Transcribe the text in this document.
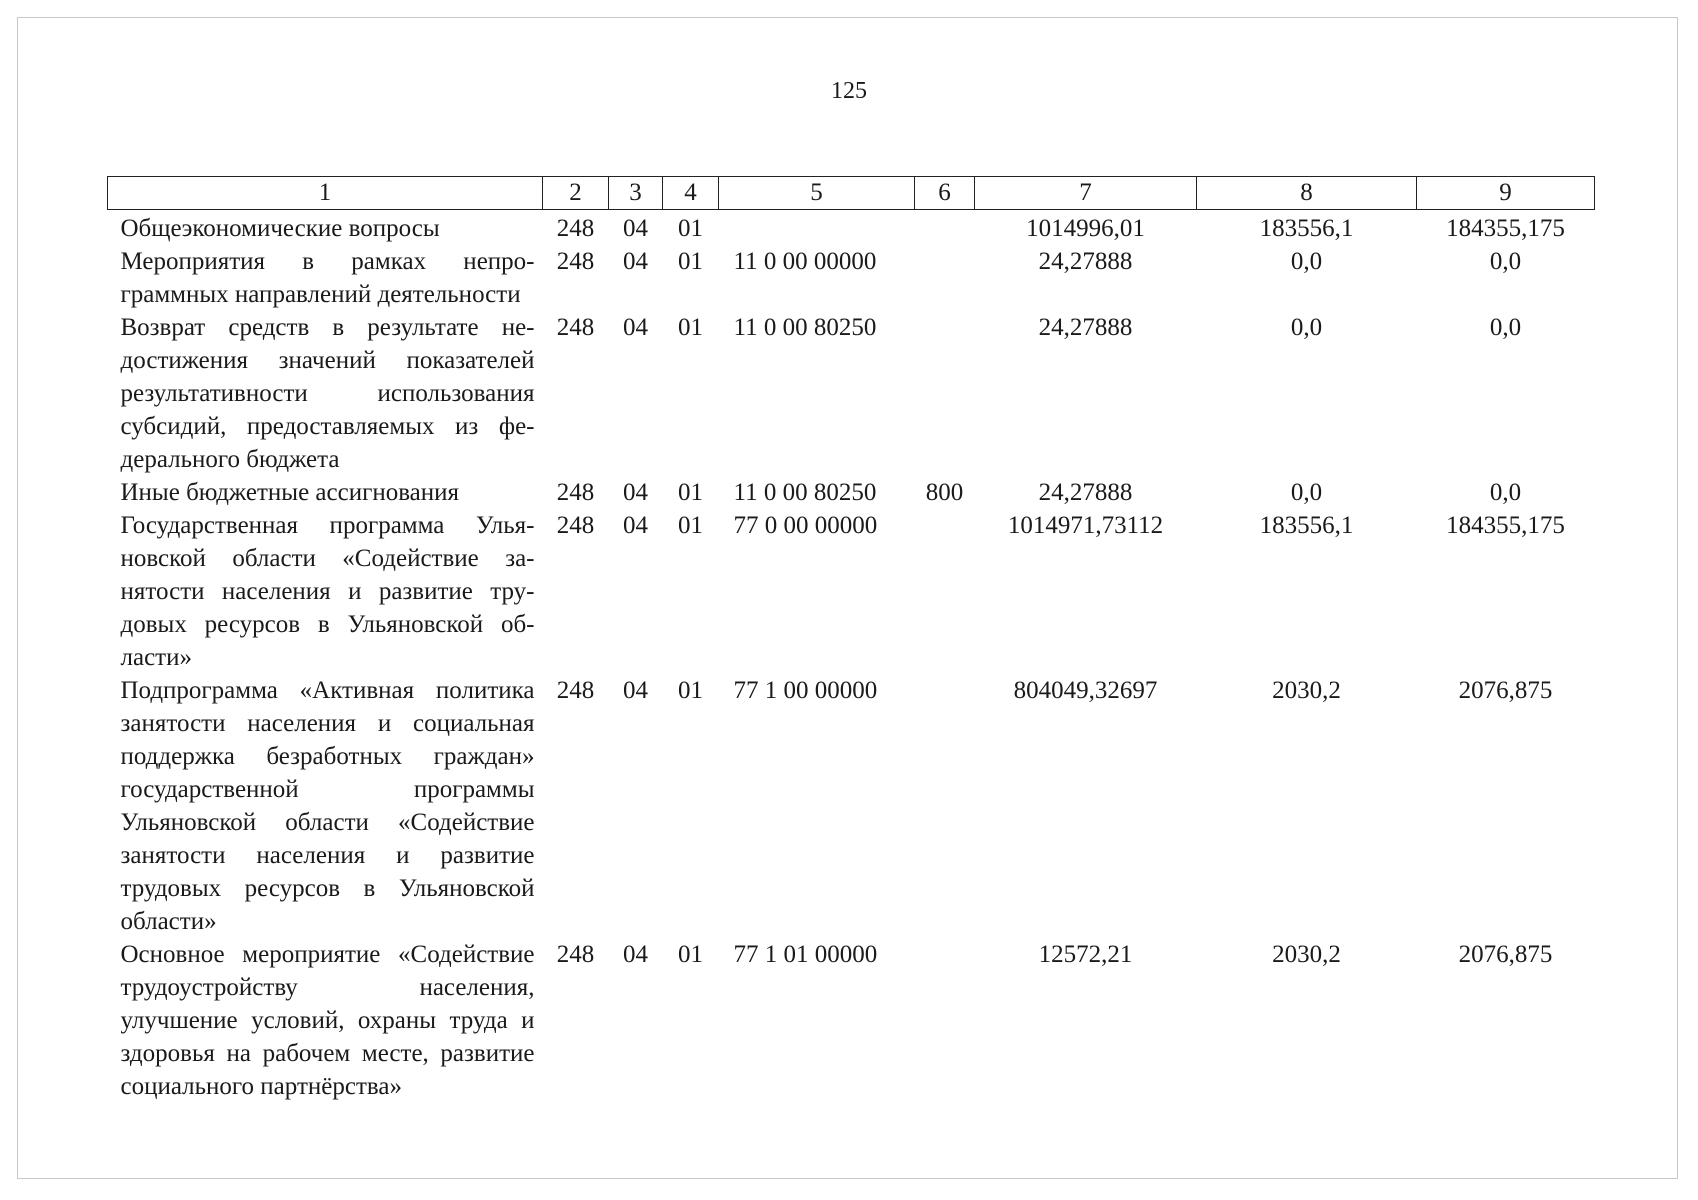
125
1	2	3	4	5	6	7	8	9
Общеэкономические вопросы	248	04	01			1014996,01	183556,1	184355,175
Мероприятия в рамках непрограммных направлений деятельности	248	04	01	11 0 00 00000		24,27888	0,0	0,0
Возврат средств в результате недостижения значений показателей результативности использования субсидий, предоставляемых из федерального бюджета	248	04	01	11 0 00 80250		24,27888	0,0	0,0
Иные бюджетные ассигнования	248	04	01	11 0 00 80250	800	24,27888	0,0	0,0
Государственная программа Ульяновской области «Содействие занятости населения и развитие трудовых ресурсов в Ульяновской области»	248	04	01	77 0 00 00000		1014971,73112	183556,1	184355,175
Подпрограмма «Активная политика занятости населения и социальная поддержка безработных граждан» государственной программы Ульяновской области «Содействие занятости населения и развитие трудовых ресурсов в Ульяновской области»	248	04	01	77 1 00 00000		804049,32697	2030,2	2076,875
Основное мероприятие «Содействие трудоустройству населения, улучшение условий, охраны труда и здоровья на рабочем месте, развитие социального партнёрства»	248	04	01	77 1 01 00000		12572,21	2030,2	2076,875
